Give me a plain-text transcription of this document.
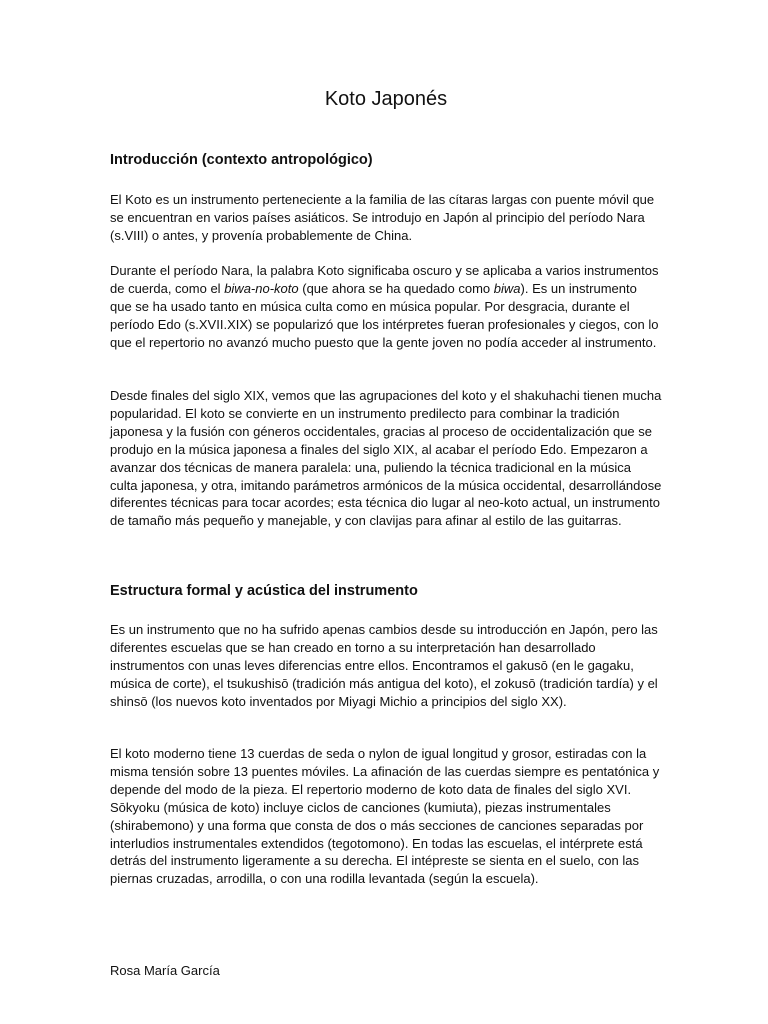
Koto Japonés
Introducción (contexto antropológico)

El Koto es un instrumento perteneciente a la familia de las cítaras largas con puente móvil que se encuentran en varios países asiáticos. Se introdujo en Japón al principio del período Nara (s.VIII) o antes, y provenía probablemente de China.

Durante el período Nara, la palabra Koto significaba oscuro y se aplicaba a varios instrumentos de cuerda, como el biwa-no-koto (que ahora se ha quedado como biwa). Es un instrumento que se ha usado tanto en música culta como en música popular. Por desgracia, durante el período Edo (s.XVII.XIX) se popularizó que los intérpretes fueran profesionales y ciegos, con lo que el repertorio no avanzó mucho puesto que la gente joven no podía acceder al instrumento.

Desde finales del siglo XIX, vemos que las agrupaciones del koto y el shakuhachi tienen mucha popularidad. El koto se convierte en un instrumento predilecto para combinar la tradición japonesa y la fusión con géneros occidentales, gracias al proceso de occidentalización que se produjo en la música japonesa a finales del siglo XIX, al acabar el período Edo. Empezaron a avanzar dos técnicas de manera paralela: una, puliendo la técnica tradicional en la música culta japonesa, y otra, imitando parámetros armónicos de la música occidental, desarrollándose diferentes técnicas para tocar acordes; esta técnica dio lugar al neo-koto actual, un instrumento de tamaño más pequeño y manejable, y con clavijas para afinar al estilo de las guitarras.

Estructura formal y acústica del instrumento

Es un instrumento que no ha sufrido apenas cambios desde su introducción en Japón, pero las diferentes escuelas que se han creado en torno a su interpretación han desarrollado instrumentos con unas leves diferencias entre ellos. Encontramos el gakusō (en le gagaku, música de corte), el tsukushisō (tradición más antigua del koto), el zokusō (tradición tardía) y el shinsō (los nuevos koto inventados por Miyagi Michio a principios del siglo XX).

El koto moderno tiene 13 cuerdas de seda o nylon de igual longitud y grosor, estiradas con la misma tensión sobre 13 puentes móviles. La afinación de las cuerdas siempre es pentatónica y depende del modo de la pieza. El repertorio moderno de koto data de finales del siglo XVI. Sōkyoku (música de koto) incluye ciclos de canciones (kumiuta), piezas instrumentales (shirabemono) y una forma que consta de dos o más secciones de canciones separadas por interludios instrumentales extendidos (tegotomono). En todas las escuelas, el intérprete está detrás del instrumento ligeramente a su derecha. El intépreste se sienta en el suelo, con las piernas cruzadas, arrodilla, o con una rodilla levantada (según la escuela).

Rosa María García
